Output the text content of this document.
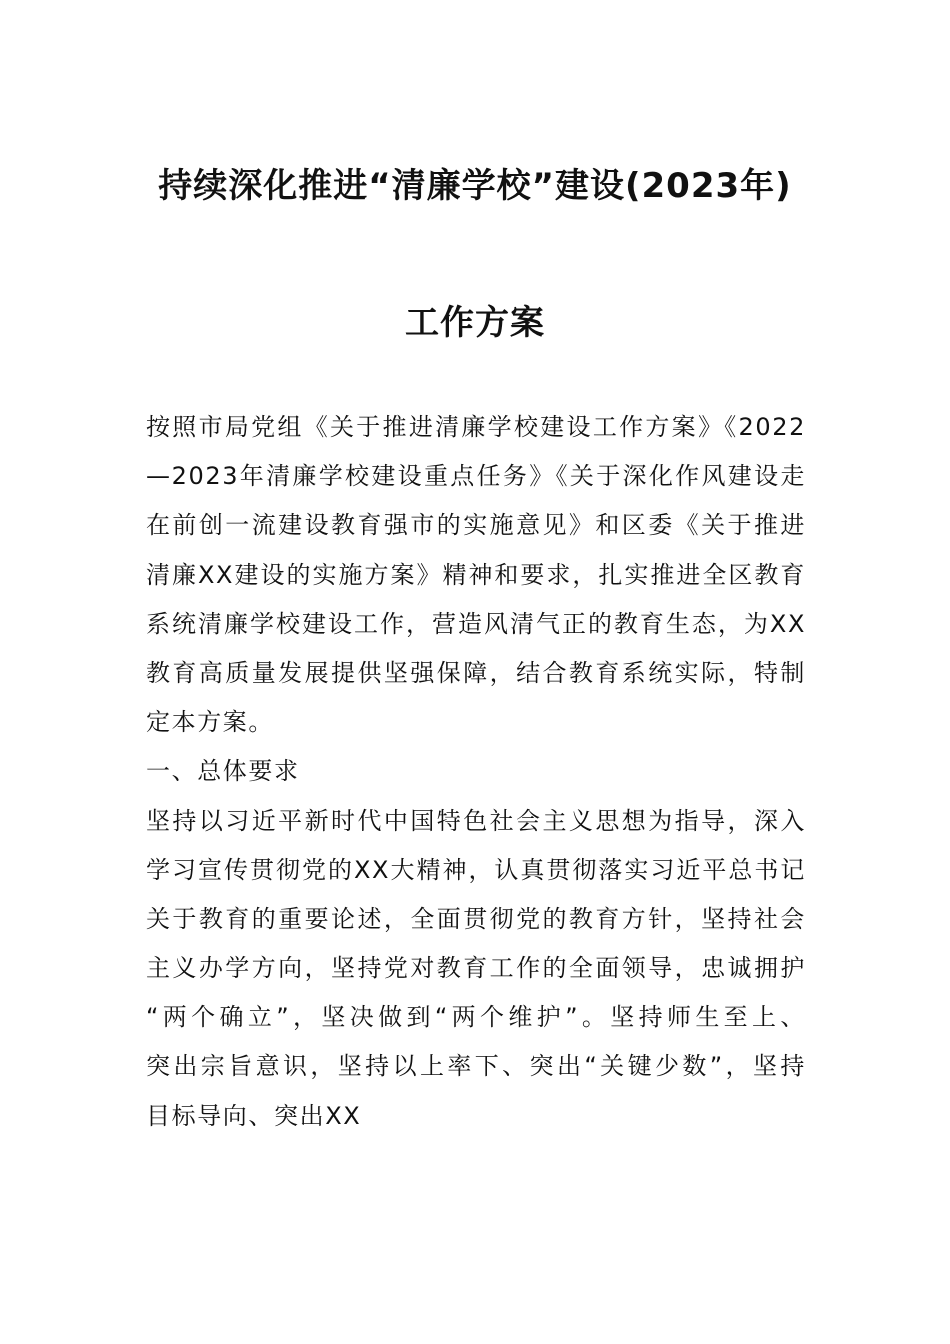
持续深化推进“清廉学校”建设(2023年)
工作方案
按照市局党组《关于推进清廉学校建设工作方案》《2022
—2023年清廉学校建设重点任务》《关于深化作风建设走
在前创一流建设教育强市的实施意见》和区委《关于推进
清廉XX建设的实施方案》精神和要求，扎实推进全区教育
系统清廉学校建设工作，营造风清气正的教育生态，为XX
教育高质量发展提供坚强保障，结合教育系统实际，特制
定本方案。
一、总体要求
坚持以习近平新时代中国特色社会主义思想为指导，深入
学习宣传贯彻党的XX大精神，认真贯彻落实习近平总书记
关于教育的重要论述，全面贯彻党的教育方针，坚持社会
主义办学方向，坚持党对教育工作的全面领导，忠诚拥护
“两个确立”，坚决做到“两个维护”。坚持师生至上、
突出宗旨意识，坚持以上率下、突出“关键少数”，坚持
目标导向、突出XX
